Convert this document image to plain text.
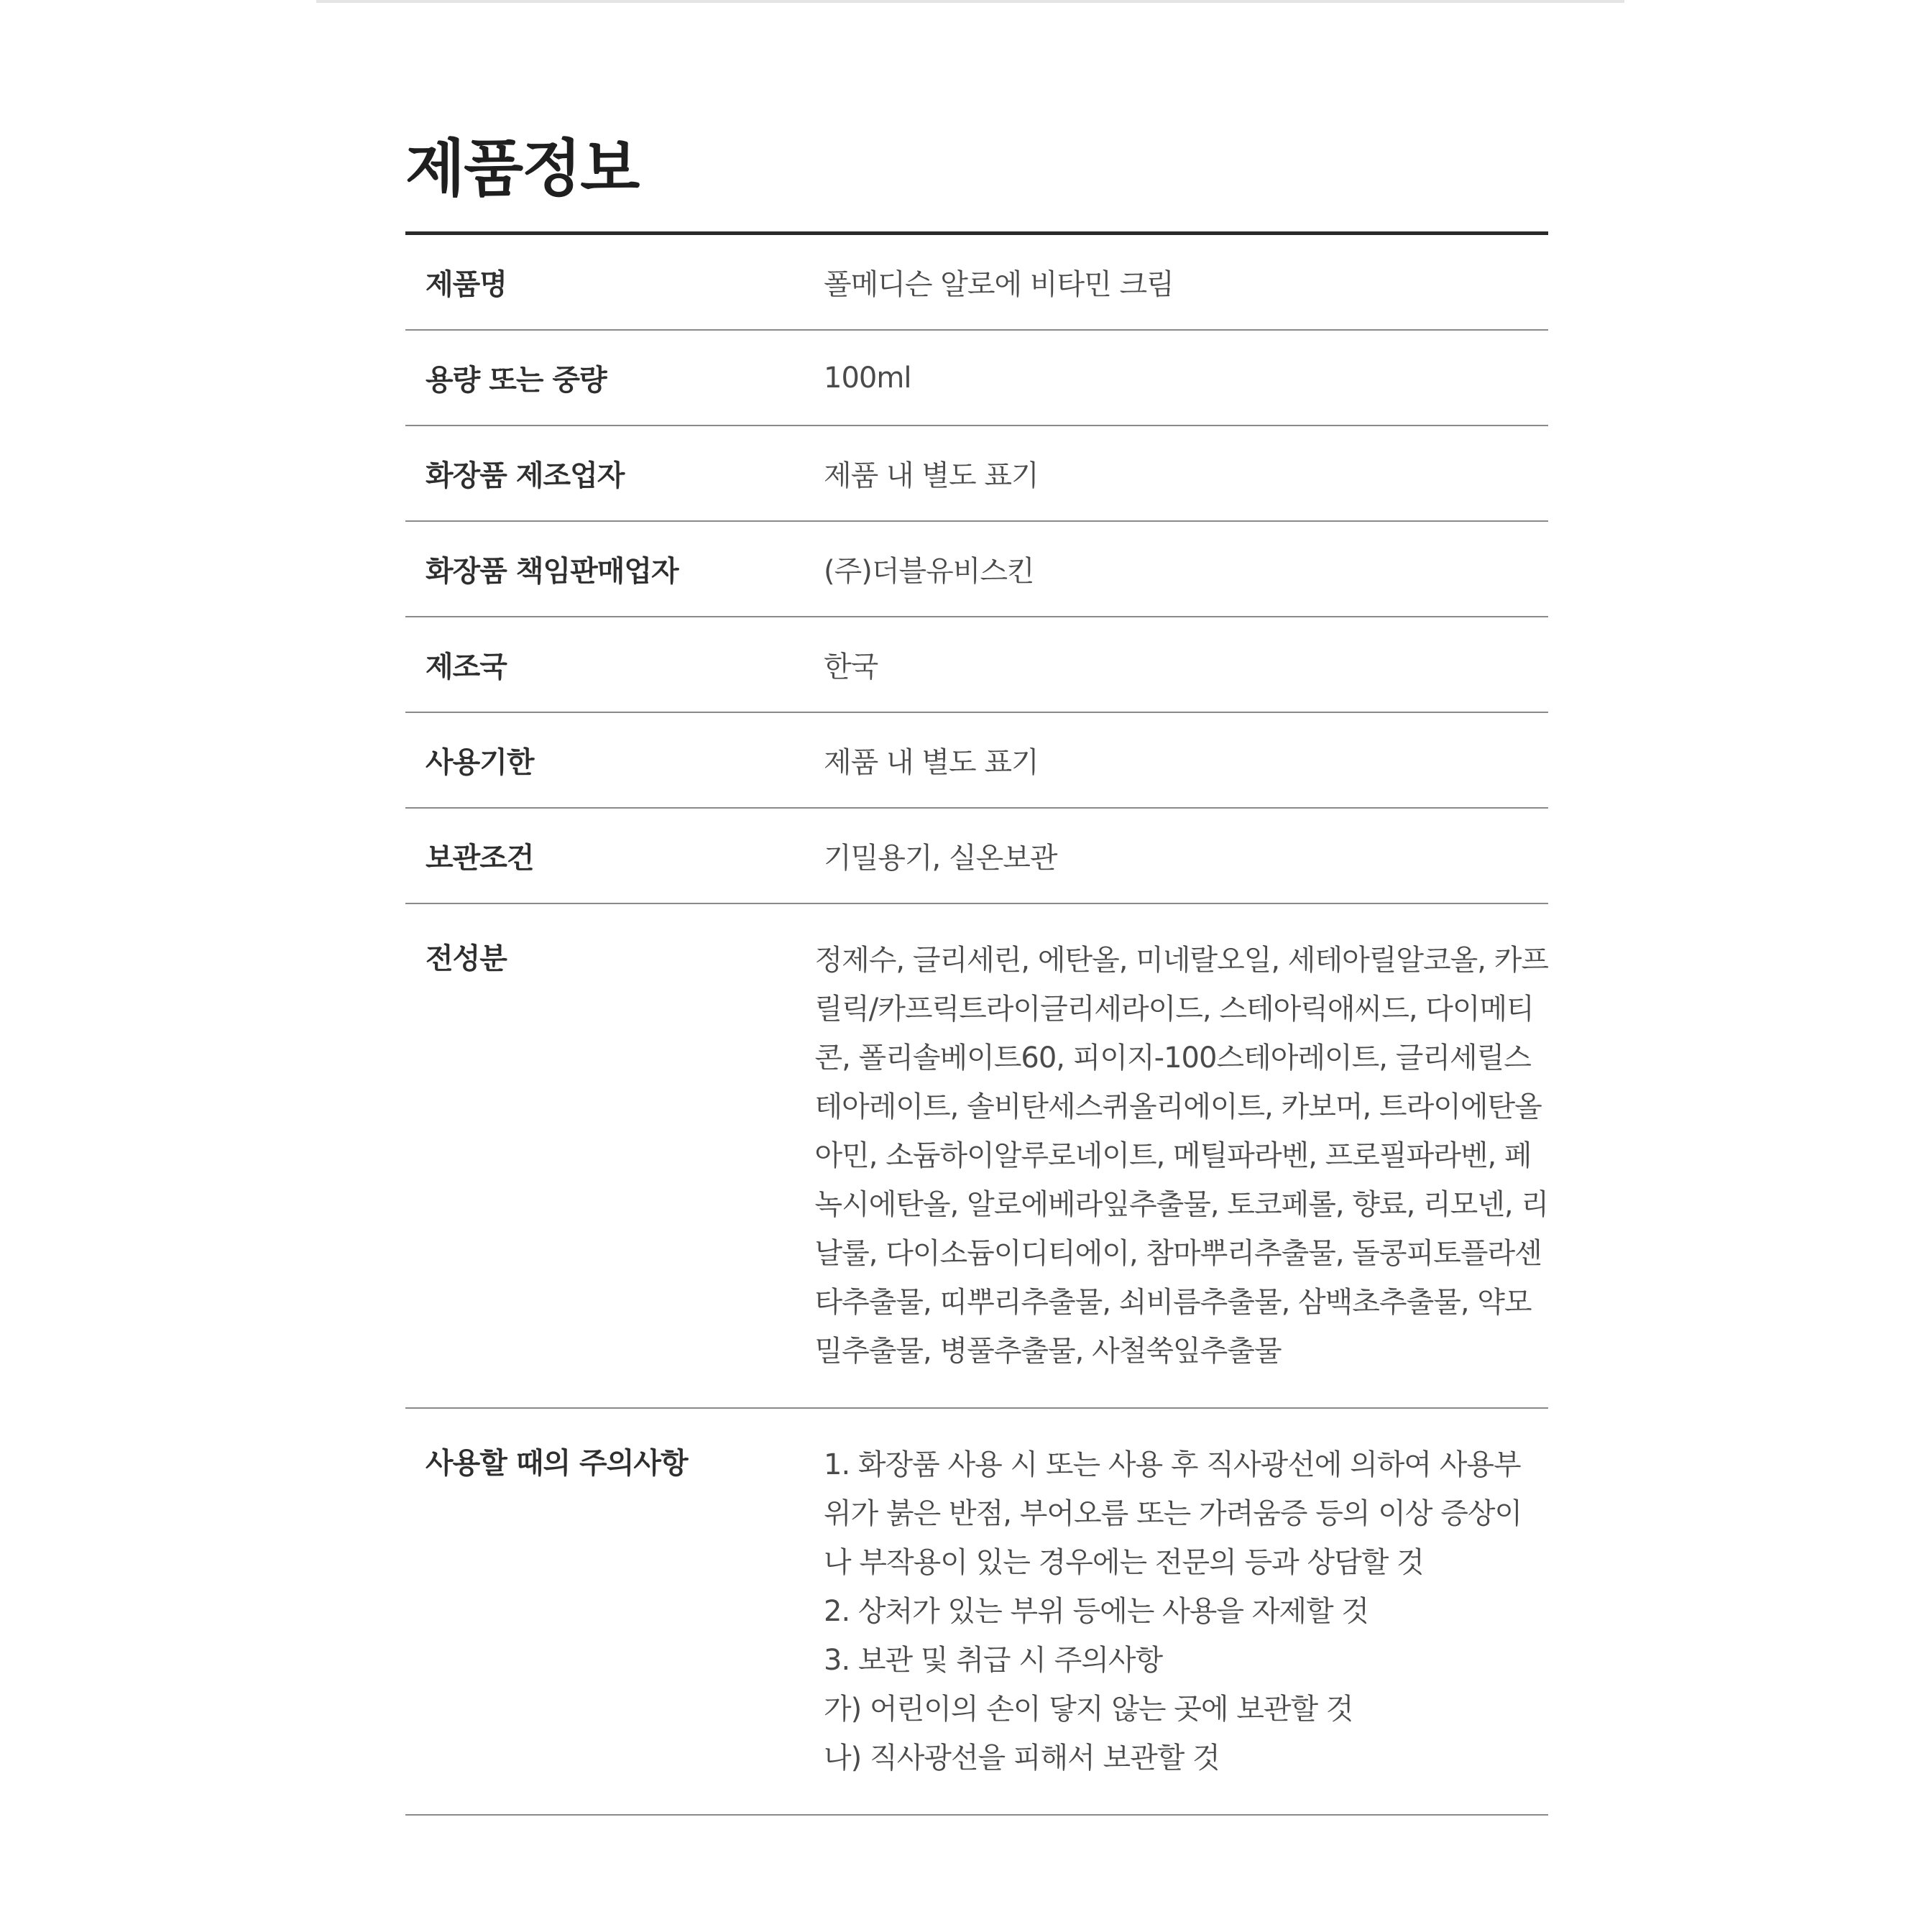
제품정보
제품명	폴메디슨 알로에 비타민 크림
용량 또는 중량	100ml
화장품 제조업자	제품 내 별도 표기
화장품 책임판매업자	(주)더블유비스킨
제조국	한국
사용기한	제품 내 별도 표기
보관조건	기밀용기, 실온보관
전성분	정제수, 글리세린, 에탄올, 미네랄오일, 세테아릴알코올, 카프
릴릭/카프릭트라이글리세라이드, 스테아릭애씨드, 다이메티
콘, 폴리솔베이트60, 피이지-100스테아레이트, 글리세릴스
테아레이트, 솔비탄세스퀴올리에이트, 카보머, 트라이에탄올
아민, 소듐하이알루로네이트, 메틸파라벤, 프로필파라벤, 페
녹시에탄올, 알로에베라잎추출물, 토코페롤, 향료, 리모넨, 리
날룰, 다이소듐이디티에이, 참마뿌리추출물, 돌콩피토플라센
타추출물, 띠뿌리추출물, 쇠비름추출물, 삼백초추출물, 약모
밀추출물, 병풀추출물, 사철쑥잎추출물
사용할 때의 주의사항	1. 화장품 사용 시 또는 사용 후 직사광선에 의하여 사용부
위가 붉은 반점, 부어오름 또는 가려움증 등의 이상 증상이
나 부작용이 있는 경우에는 전문의 등과 상담할 것
2. 상처가 있는 부위 등에는 사용을 자제할 것
3. 보관 및 취급 시 주의사항
가) 어린이의 손이 닿지 않는 곳에 보관할 것
나) 직사광선을 피해서 보관할 것
